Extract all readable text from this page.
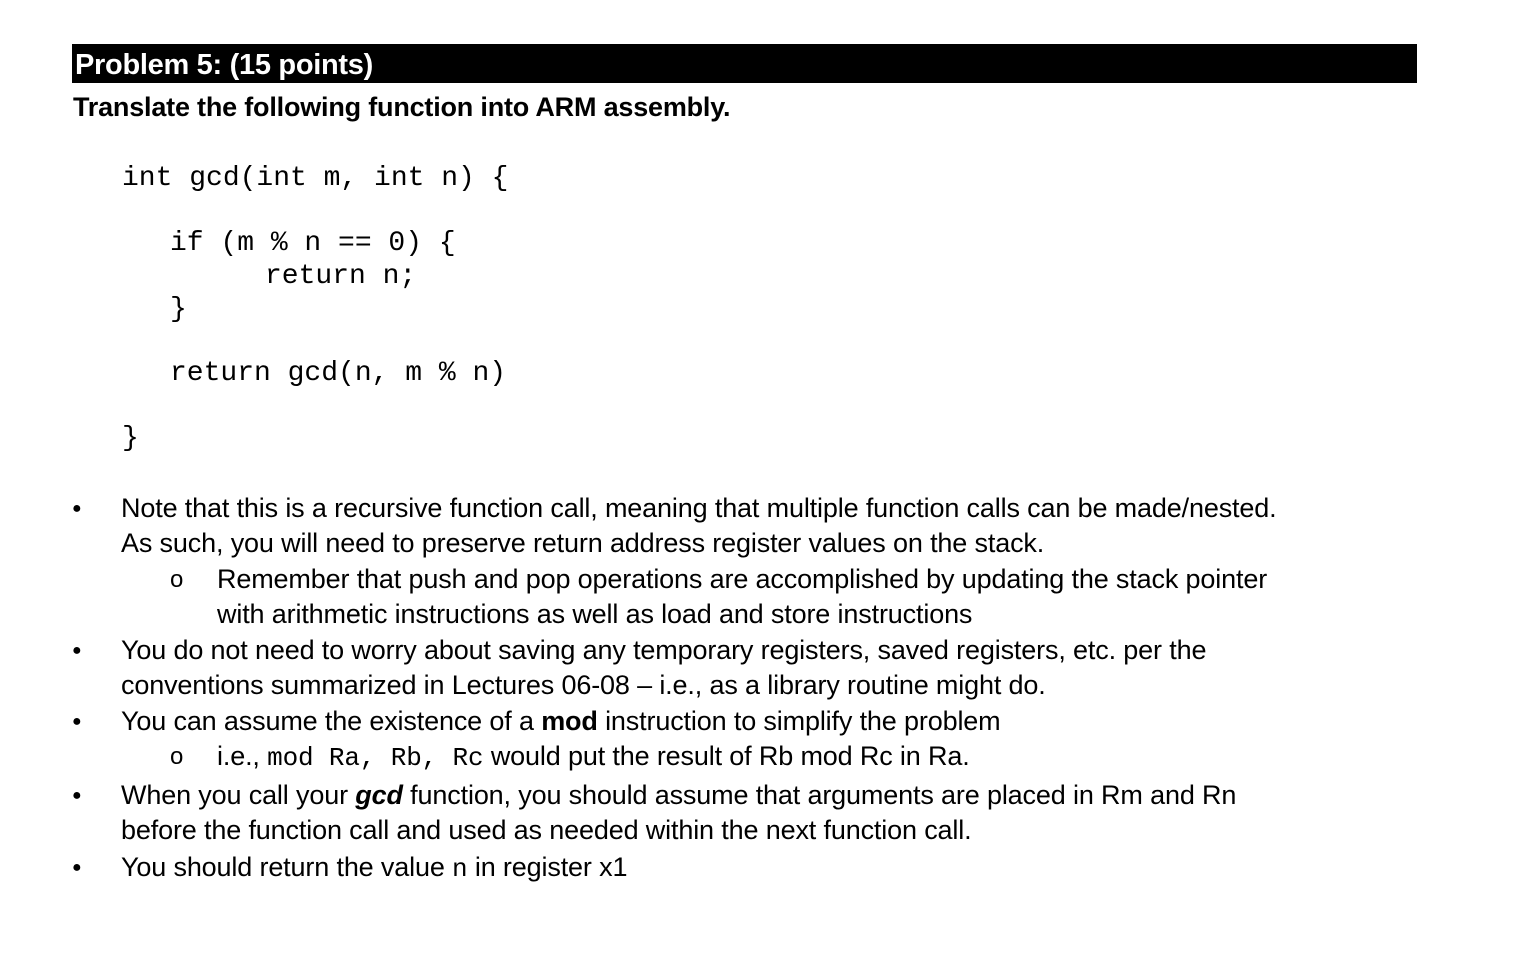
Problem 5: (15 points)
Translate the following function into ARM assembly.
int gcd(int m, int n) {
if (m % n == 0) {
return n;
}
return gcd(n, m % n)
}
● Note that this is a recursive function call, meaning that multiple function calls can be made/nested.
As such, you will need to preserve return address register values on the stack.
o Remember that push and pop operations are accomplished by updating the stack pointer
with arithmetic instructions as well as load and store instructions
● You do not need to worry about saving any temporary registers, saved registers, etc. per the
conventions summarized in Lectures 06-08 – i.e., as a library routine might do.
● You can assume the existence of a mod instruction to simplify the problem
o i.e., mod Ra, Rb, Rc would put the result of Rb mod Rc in Ra.
● When you call your gcd function, you should assume that arguments are placed in Rm and Rn
before the function call and used as needed within the next function call.
● You should return the value n in register x1
